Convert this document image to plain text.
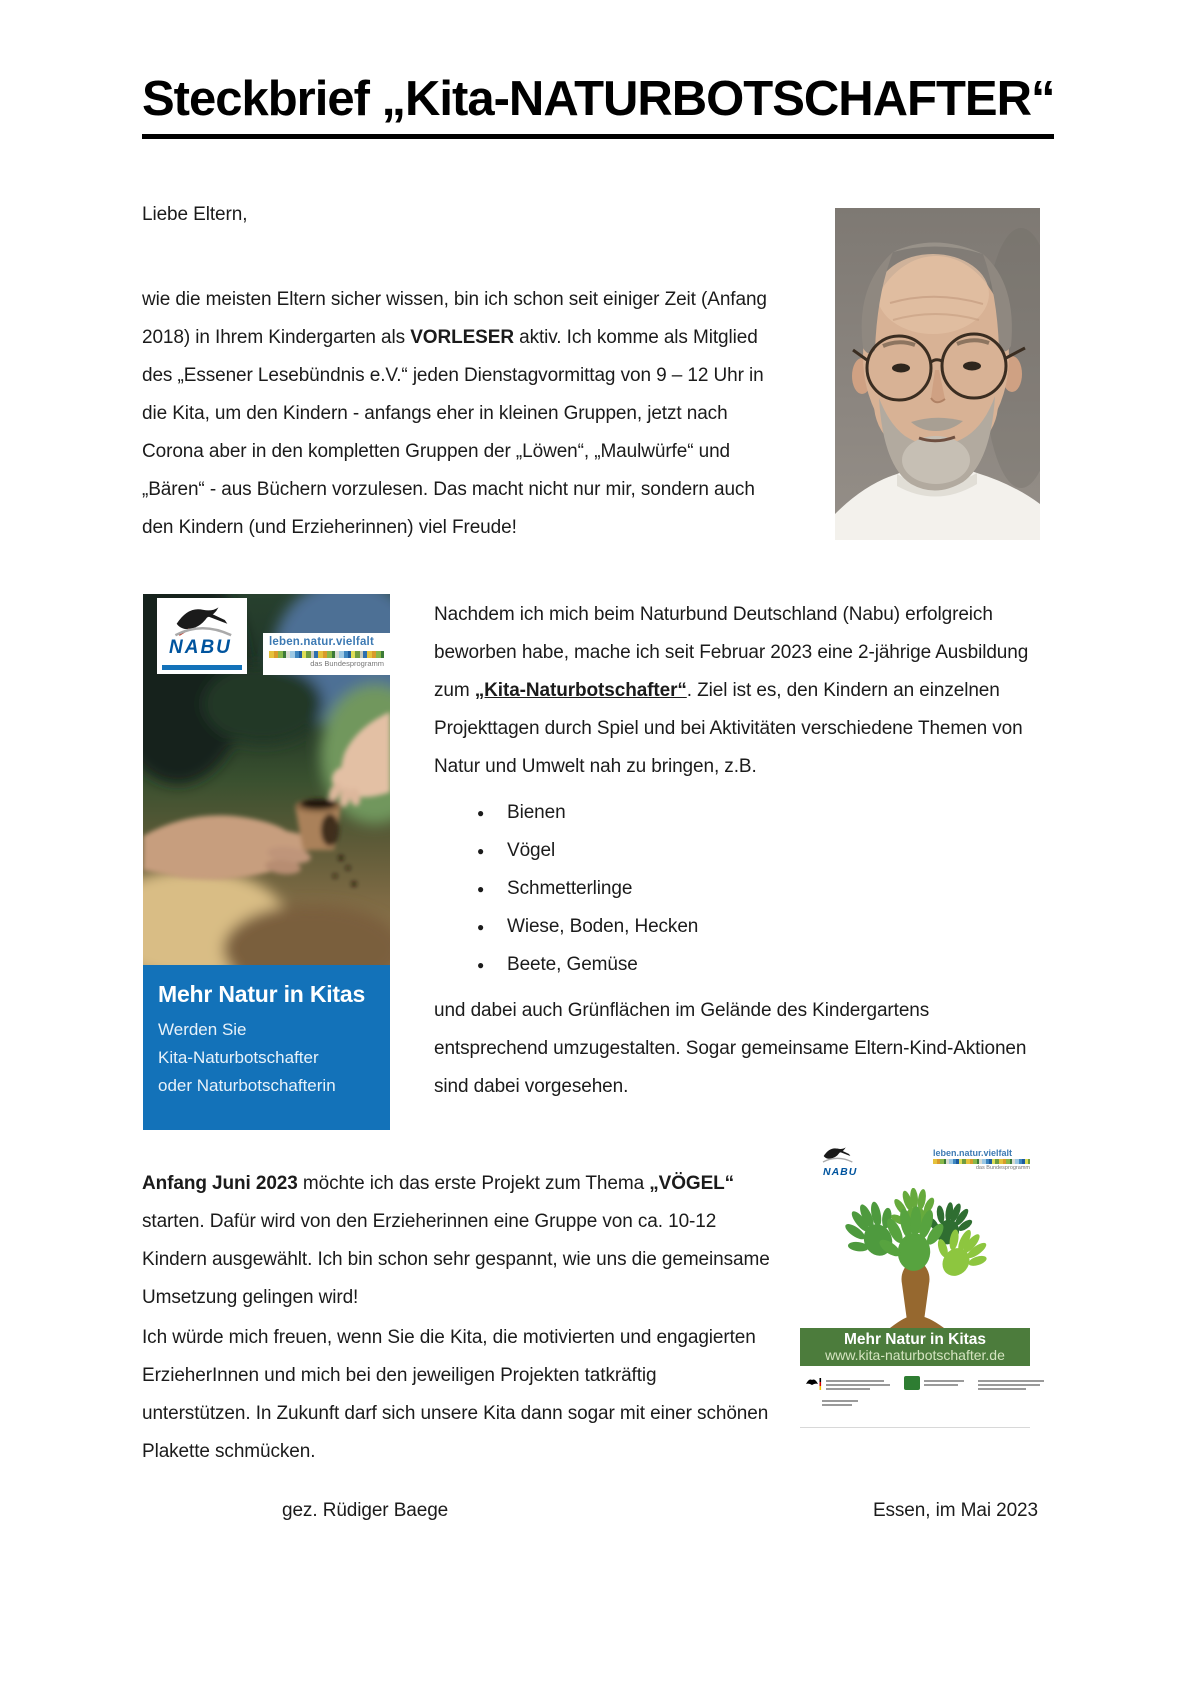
Steckbrief „Kita-NATURBOTSCHAFTER“
Liebe Eltern,

wie die meisten Eltern sicher wissen, bin ich schon seit einiger Zeit (Anfang 2018) in Ihrem Kindergarten als VORLESER aktiv. Ich komme als Mitglied des „Essener Lesebündnis e.V.“ jeden Dienstagvormittag von 9 – 12 Uhr in die Kita, um den Kindern - anfangs eher in kleinen Gruppen, jetzt nach Corona aber in den kompletten Gruppen der „Löwen“, „Maulwürfe“ und „Bären“ - aus Büchern vorzulesen. Das macht nicht nur mir, sondern auch den Kindern (und Erzieherinnen) viel Freude!

NABU	leben.natur.vielfalt
das Bundesprogramm
Mehr Natur in Kitas
Werden Sie
Kita-Naturbotschafter
oder Naturbotschafterin

Nachdem ich mich beim Naturbund Deutschland (Nabu) erfolgreich beworben habe, mache ich seit Februar 2023 eine 2-jährige Ausbildung zum „Kita-Naturbotschafter“. Ziel ist es, den Kindern an einzelnen Projekttagen durch Spiel und bei Aktivitäten verschiedene Themen von Natur und Umwelt nah zu bringen, z.B.

● Bienen
● Vögel
● Schmetterlinge
● Wiese, Boden, Hecken
● Beete, Gemüse

und dabei auch Grünflächen im Gelände des Kindergartens entsprechend umzugestalten. Sogar gemeinsame Eltern-Kind-Aktionen sind dabei vorgesehen.

Anfang Juni 2023 möchte ich das erste Projekt zum Thema „VÖGEL“ starten. Dafür wird von den Erzieherinnen eine Gruppe von ca. 10-12 Kindern ausgewählt. Ich bin schon sehr gespannt, wie uns die gemeinsame Umsetzung gelingen wird!

Ich würde mich freuen, wenn Sie die Kita, die motivierten und engagierten ErzieherInnen und mich bei den jeweiligen Projekten tatkräftig unterstützen. In Zukunft darf sich unsere Kita dann sogar mit einer schönen Plakette schmücken.

NABU
leben.natur.vielfalt
das Bundesprogramm
Mehr Natur in Kitas
www.kita-naturbotschafter.de
gez. Rüdiger Baege	Essen, im Mai 2023
